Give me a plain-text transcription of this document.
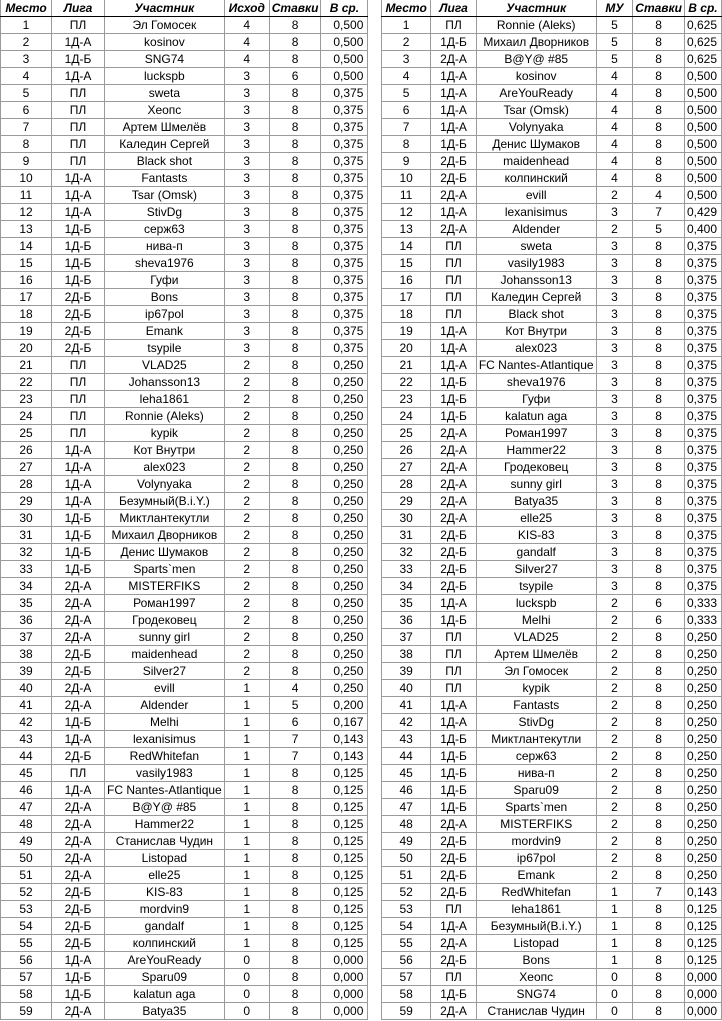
Место	Лига	Участник	Исход	Ставки	В ср.
1	ПЛ	Эл Гомосек	4	8	0,500
2	1Д-А	kosinov	4	8	0,500
3	1Д-Б	SNG74	4	8	0,500
4	1Д-А	luckspb	3	6	0,500
5	ПЛ	sweta	3	8	0,375
6	ПЛ	Хеопс	3	8	0,375
7	ПЛ	Артем Шмелёв	3	8	0,375
8	ПЛ	Каледин Сергей	3	8	0,375
9	ПЛ	Black shot	3	8	0,375
10	1Д-А	Fantasts	3	8	0,375
11	1Д-А	Tsar (Omsk)	3	8	0,375
12	1Д-А	StivDg	3	8	0,375
13	1Д-Б	серж63	3	8	0,375
14	1Д-Б	нива-п	3	8	0,375
15	1Д-Б	sheva1976	3	8	0,375
16	1Д-Б	Гуфи	3	8	0,375
17	2Д-Б	Bons	3	8	0,375
18	2Д-Б	ip67pol	3	8	0,375
19	2Д-Б	Emank	3	8	0,375
20	2Д-Б	tsypile	3	8	0,375
21	ПЛ	VLAD25	2	8	0,250
22	ПЛ	Johansson13	2	8	0,250
23	ПЛ	leha1861	2	8	0,250
24	ПЛ	Ronnie (Aleks)	2	8	0,250
25	ПЛ	kypik	2	8	0,250
26	1Д-А	Кот Внутри	2	8	0,250
27	1Д-А	alex023	2	8	0,250
28	1Д-А	Volynyaka	2	8	0,250
29	1Д-А	Безумный(B.i.Y.)	2	8	0,250
30	1Д-Б	Миктлантекутли	2	8	0,250
31	1Д-Б	Михаил Дворников	2	8	0,250
32	1Д-Б	Денис Шумаков	2	8	0,250
33	1Д-Б	Sparts`men	2	8	0,250
34	2Д-А	MISTERFIKS	2	8	0,250
35	2Д-А	Роман1997	2	8	0,250
36	2Д-А	Гродековец	2	8	0,250
37	2Д-А	sunny girl	2	8	0,250
38	2Д-Б	maidenhead	2	8	0,250
39	2Д-Б	Silver27	2	8	0,250
40	2Д-А	evill	1	4	0,250
41	2Д-А	Aldender	1	5	0,200
42	1Д-Б	Melhi	1	6	0,167
43	1Д-А	lexanisimus	1	7	0,143
44	2Д-Б	RedWhitefan	1	7	0,143
45	ПЛ	vasily1983	1	8	0,125
46	1Д-А	FC Nantes-Atlantique	1	8	0,125
47	2Д-А	B@Y@ #85	1	8	0,125
48	2Д-А	Hammer22	1	8	0,125
49	2Д-А	Станислав Чудин	1	8	0,125
50	2Д-А	Listopad	1	8	0,125
51	2Д-А	elle25	1	8	0,125
52	2Д-Б	KIS-83	1	8	0,125
53	2Д-Б	mordvin9	1	8	0,125
54	2Д-Б	gandalf	1	8	0,125
55	2Д-Б	колпинский	1	8	0,125
56	1Д-А	AreYouReady	0	8	0,000
57	1Д-Б	Sparu09	0	8	0,000
58	1Д-Б	kalatun aga	0	8	0,000
59	2Д-А	Batya35	0	8	0,000
Место	Лига	Участник	МУ	Ставки	В ср.
1	ПЛ	Ronnie (Aleks)	5	8	0,625
2	1Д-Б	Михаил Дворников	5	8	0,625
3	2Д-А	B@Y@ #85	5	8	0,625
4	1Д-А	kosinov	4	8	0,500
5	1Д-А	AreYouReady	4	8	0,500
6	1Д-А	Tsar (Omsk)	4	8	0,500
7	1Д-А	Volynyaka	4	8	0,500
8	1Д-Б	Денис Шумаков	4	8	0,500
9	2Д-Б	maidenhead	4	8	0,500
10	2Д-Б	колпинский	4	8	0,500
11	2Д-А	evill	2	4	0,500
12	1Д-А	lexanisimus	3	7	0,429
13	2Д-А	Aldender	2	5	0,400
14	ПЛ	sweta	3	8	0,375
15	ПЛ	vasily1983	3	8	0,375
16	ПЛ	Johansson13	3	8	0,375
17	ПЛ	Каледин Сергей	3	8	0,375
18	ПЛ	Black shot	3	8	0,375
19	1Д-А	Кот Внутри	3	8	0,375
20	1Д-А	alex023	3	8	0,375
21	1Д-А	FC Nantes-Atlantique	3	8	0,375
22	1Д-Б	sheva1976	3	8	0,375
23	1Д-Б	Гуфи	3	8	0,375
24	1Д-Б	kalatun aga	3	8	0,375
25	2Д-А	Роман1997	3	8	0,375
26	2Д-А	Hammer22	3	8	0,375
27	2Д-А	Гродековец	3	8	0,375
28	2Д-А	sunny girl	3	8	0,375
29	2Д-А	Batya35	3	8	0,375
30	2Д-А	elle25	3	8	0,375
31	2Д-Б	KIS-83	3	8	0,375
32	2Д-Б	gandalf	3	8	0,375
33	2Д-Б	Silver27	3	8	0,375
34	2Д-Б	tsypile	3	8	0,375
35	1Д-А	luckspb	2	6	0,333
36	1Д-Б	Melhi	2	6	0,333
37	ПЛ	VLAD25	2	8	0,250
38	ПЛ	Артем Шмелёв	2	8	0,250
39	ПЛ	Эл Гомосек	2	8	0,250
40	ПЛ	kypik	2	8	0,250
41	1Д-А	Fantasts	2	8	0,250
42	1Д-А	StivDg	2	8	0,250
43	1Д-Б	Миктлантекутли	2	8	0,250
44	1Д-Б	серж63	2	8	0,250
45	1Д-Б	нива-п	2	8	0,250
46	1Д-Б	Sparu09	2	8	0,250
47	1Д-Б	Sparts`men	2	8	0,250
48	2Д-А	MISTERFIKS	2	8	0,250
49	2Д-Б	mordvin9	2	8	0,250
50	2Д-Б	ip67pol	2	8	0,250
51	2Д-Б	Emank	2	8	0,250
52	2Д-Б	RedWhitefan	1	7	0,143
53	ПЛ	leha1861	1	8	0,125
54	1Д-А	Безумный(B.i.Y.)	1	8	0,125
55	2Д-А	Listopad	1	8	0,125
56	2Д-Б	Bons	1	8	0,125
57	ПЛ	Хеопс	0	8	0,000
58	1Д-Б	SNG74	0	8	0,000
59	2Д-А	Станислав Чудин	0	8	0,000
